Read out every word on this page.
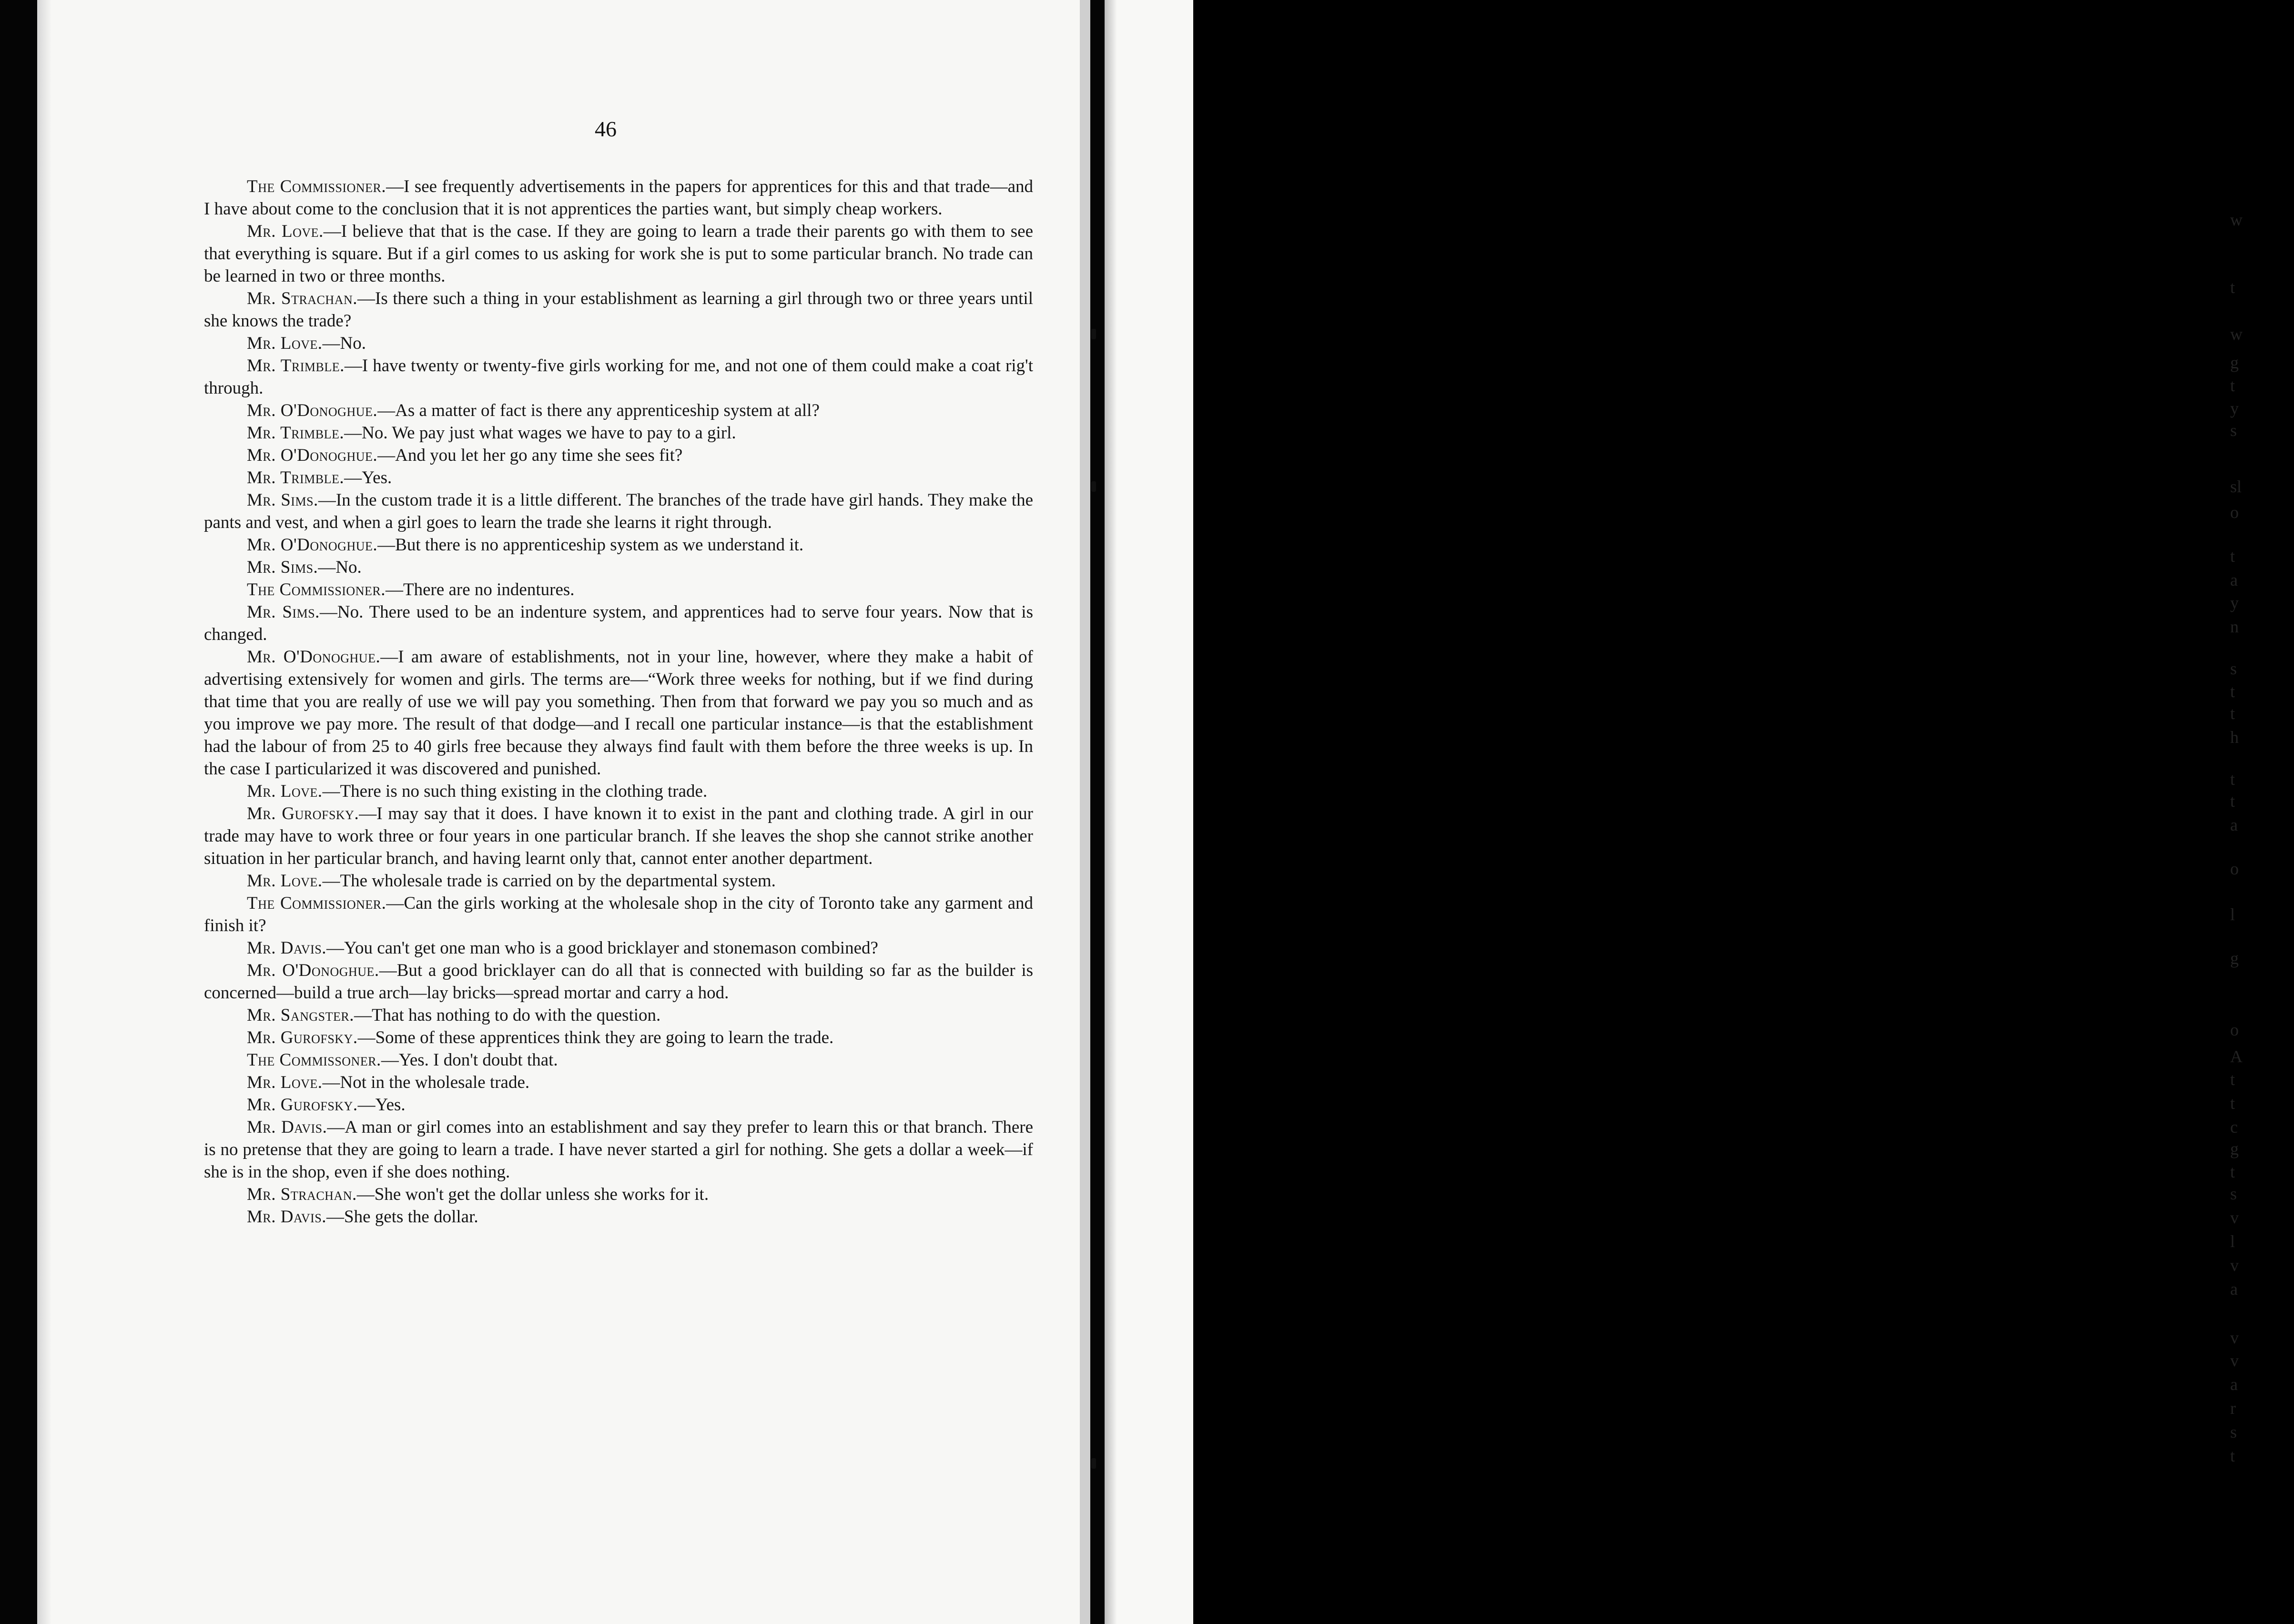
46

The Commissioner.—I see frequently advertisements in the papers for apprentices for this and that trade—and I have about come to the conclusion that it is not apprentices the parties want, but simply cheap workers.

Mr. Love.—I believe that that is the case. If they are going to learn a trade their parents go with them to see that everything is square. But if a girl comes to us asking for work she is put to some particular branch. No trade can be learned in two or three months.

Mr. Strachan.—Is there such a thing in your establishment as learning a girl through two or three years until she knows the trade?

Mr. Love.—No.

Mr. Trimble.—I have twenty or twenty-five girls working for me, and not one of them could make a coat rig't through.

Mr. O'Donoghue.—As a matter of fact is there any apprenticeship system at all?

Mr. Trimble.—No. We pay just what wages we have to pay to a girl.

Mr. O'Donoghue.—And you let her go any time she sees fit?

Mr. Trimble.—Yes.

Mr. Sims.—In the custom trade it is a little different. The branches of the trade have girl hands. They make the pants and vest, and when a girl goes to learn the trade she learns it right through.

Mr. O'Donoghue.—But there is no apprenticeship system as we understand it.

Mr. Sims.—No.

The Commissioner.—There are no indentures.

Mr. Sims.—No. There used to be an indenture system, and apprentices had to serve four years. Now that is changed.

Mr. O'Donoghue.—I am aware of establishments, not in your line, however, where they make a habit of advertising extensively for women and girls. The terms are—“Work three weeks for nothing, but if we find during that time that you are really of use we will pay you something. Then from that forward we pay you so much and as you improve we pay more. The result of that dodge—and I recall one particular instance—is that the establishment had the labour of from 25 to 40 girls free because they always find fault with them before the three weeks is up. In the case I particularized it was discovered and punished.

Mr. Love.—There is no such thing existing in the clothing trade.

Mr. Gurofsky.—I may say that it does. I have known it to exist in the pant and clothing trade. A girl in our trade may have to work three or four years in one particular branch. If she leaves the shop she cannot strike another situation in her particular branch, and having learnt only that, cannot enter another department.

Mr. Love.—The wholesale trade is carried on by the departmental system.

The Commissioner.—Can the girls working at the wholesale shop in the city of Toronto take any garment and finish it?

Mr. Davis.—You can't get one man who is a good bricklayer and stonemason combined?

Mr. O'Donoghue.—But a good bricklayer can do all that is connected with building so far as the builder is concerned—build a true arch—lay bricks—spread mortar and carry a hod.

Mr. Sangster.—That has nothing to do with the question.

Mr. Gurofsky.—Some of these apprentices think they are going to learn the trade.

The Commissoner.—Yes. I don't doubt that.

Mr. Love.—Not in the wholesale trade.

Mr. Gurofsky.—Yes.

Mr. Davis.—A man or girl comes into an establishment and say they prefer to learn this or that branch. There is no pretense that they are going to learn a trade. I have never started a girl for nothing. She gets a dollar a week—if she is in the shop, even if she does nothing.

Mr. Strachan.—She won't get the dollar unless she works for it.

Mr. Davis.—She gets the dollar.

w
t
w
g
t
y
s
sl
o
t
a
y
n
s
t
t
h
t
t
a
o
l
g
o
A
t
t
c
g
t
s
v
l
v
a
v
v
a
r
s
t
